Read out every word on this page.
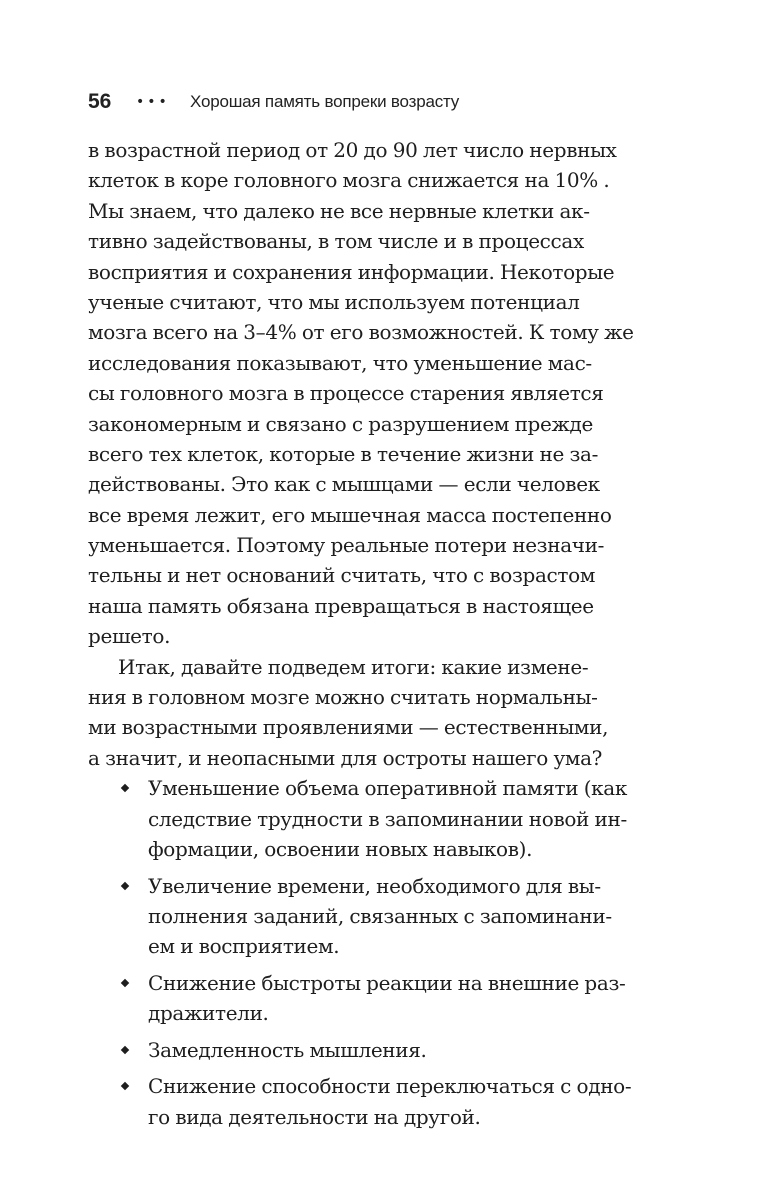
56	•••	Хорошая память вопреки возрасту

в возрастной период от 20 до 90 лет число нервных
клеток в коре головного мозга снижается на 10% .
Мы знаем, что далеко не все нервные клетки ак-
тивно задействованы, в том числе и в процессах
восприятия и сохранения информации. Некоторые
ученые считают, что мы используем потенциал
мозга всего на 3–4% от его возможностей. К тому же
исследования показывают, что уменьшение мас-
сы головного мозга в процессе старения является
закономерным и связано с разрушением прежде
всего тех клеток, которые в течение жизни не за-
действованы. Это как с мышцами — если человек
все время лежит, его мышечная масса постепенно
уменьшается. Поэтому реальные потери незначи-
тельны и нет оснований считать, что с возрастом
наша память обязана превращаться в настоящее
решето.

Итак, давайте подведем итоги: какие измене-
ния в головном мозге можно считать нормальны-
ми возрастными проявлениями — естественными,
а значит, и неопасными для остроты нашего ума?

Уменьшение объема оперативной памяти (как
следствие трудности в запоминании новой ин-
формации, освоении новых навыков).
Увеличение времени, необходимого для вы-
полнения заданий, связанных с запоминани-
ем и восприятием.
Снижение быстроты реакции на внешние раз-
дражители.
Замедленность мышления.
Снижение способности переключаться с одно-
го вида деятельности на другой.
